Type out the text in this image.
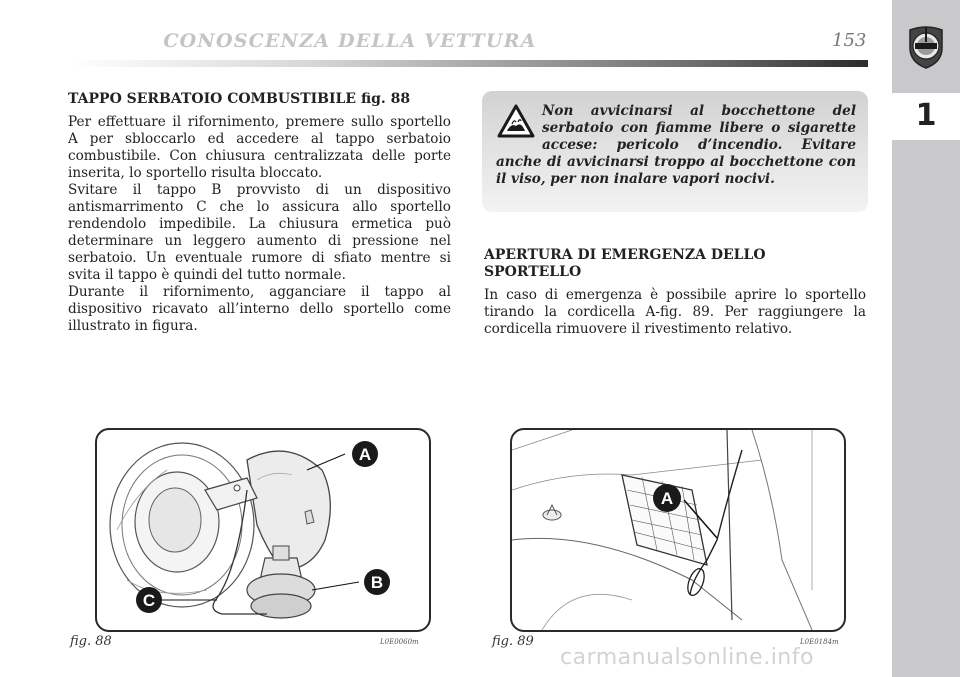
CONOSCENZA DELLA VETTURA	153
1

TAPPO SERBATOIO COMBUSTIBILE fig. 88

Per effettuare il rifornimento, premere sullo sportello A per sbloccarlo ed accedere al tappo serbatoio combustibile. Con chiusura centralizzata delle porte inserita, lo sportello risulta bloccato.

Svitare il tappo B provvisto di un dispositivo antismarrimento C che lo assicura allo sportello rendendolo impedibile. La chiusura ermetica può determinare un leggero aumento di pressione nel serbatoio. Un eventuale rumore di sfiato mentre si svita il tappo è quindi del tutto normale.

Durante il rifornimento, agganciare il tappo al dispositivo ricavato all’interno dello sportello come illustrato in figura.

Non avvicinarsi al bocchettone del serbatoio con fiamme libere o sigarette accese: pericolo d’incendio. Evitare anche di avvicinarsi troppo al bocchettone con il viso, per non inalare vapori nocivi.

APERTURA DI EMERGENZA DELLO SPORTELLO

In caso di emergenza è possibile aprire lo sportello tirando la cordicella A-fig. 89. Per raggiungere la cordicella rimuovere il rivestimento relativo.

A
B
C
fig. 88	L0E0060m
A
fig. 89	L0E0184m
carmanualsonline.info
